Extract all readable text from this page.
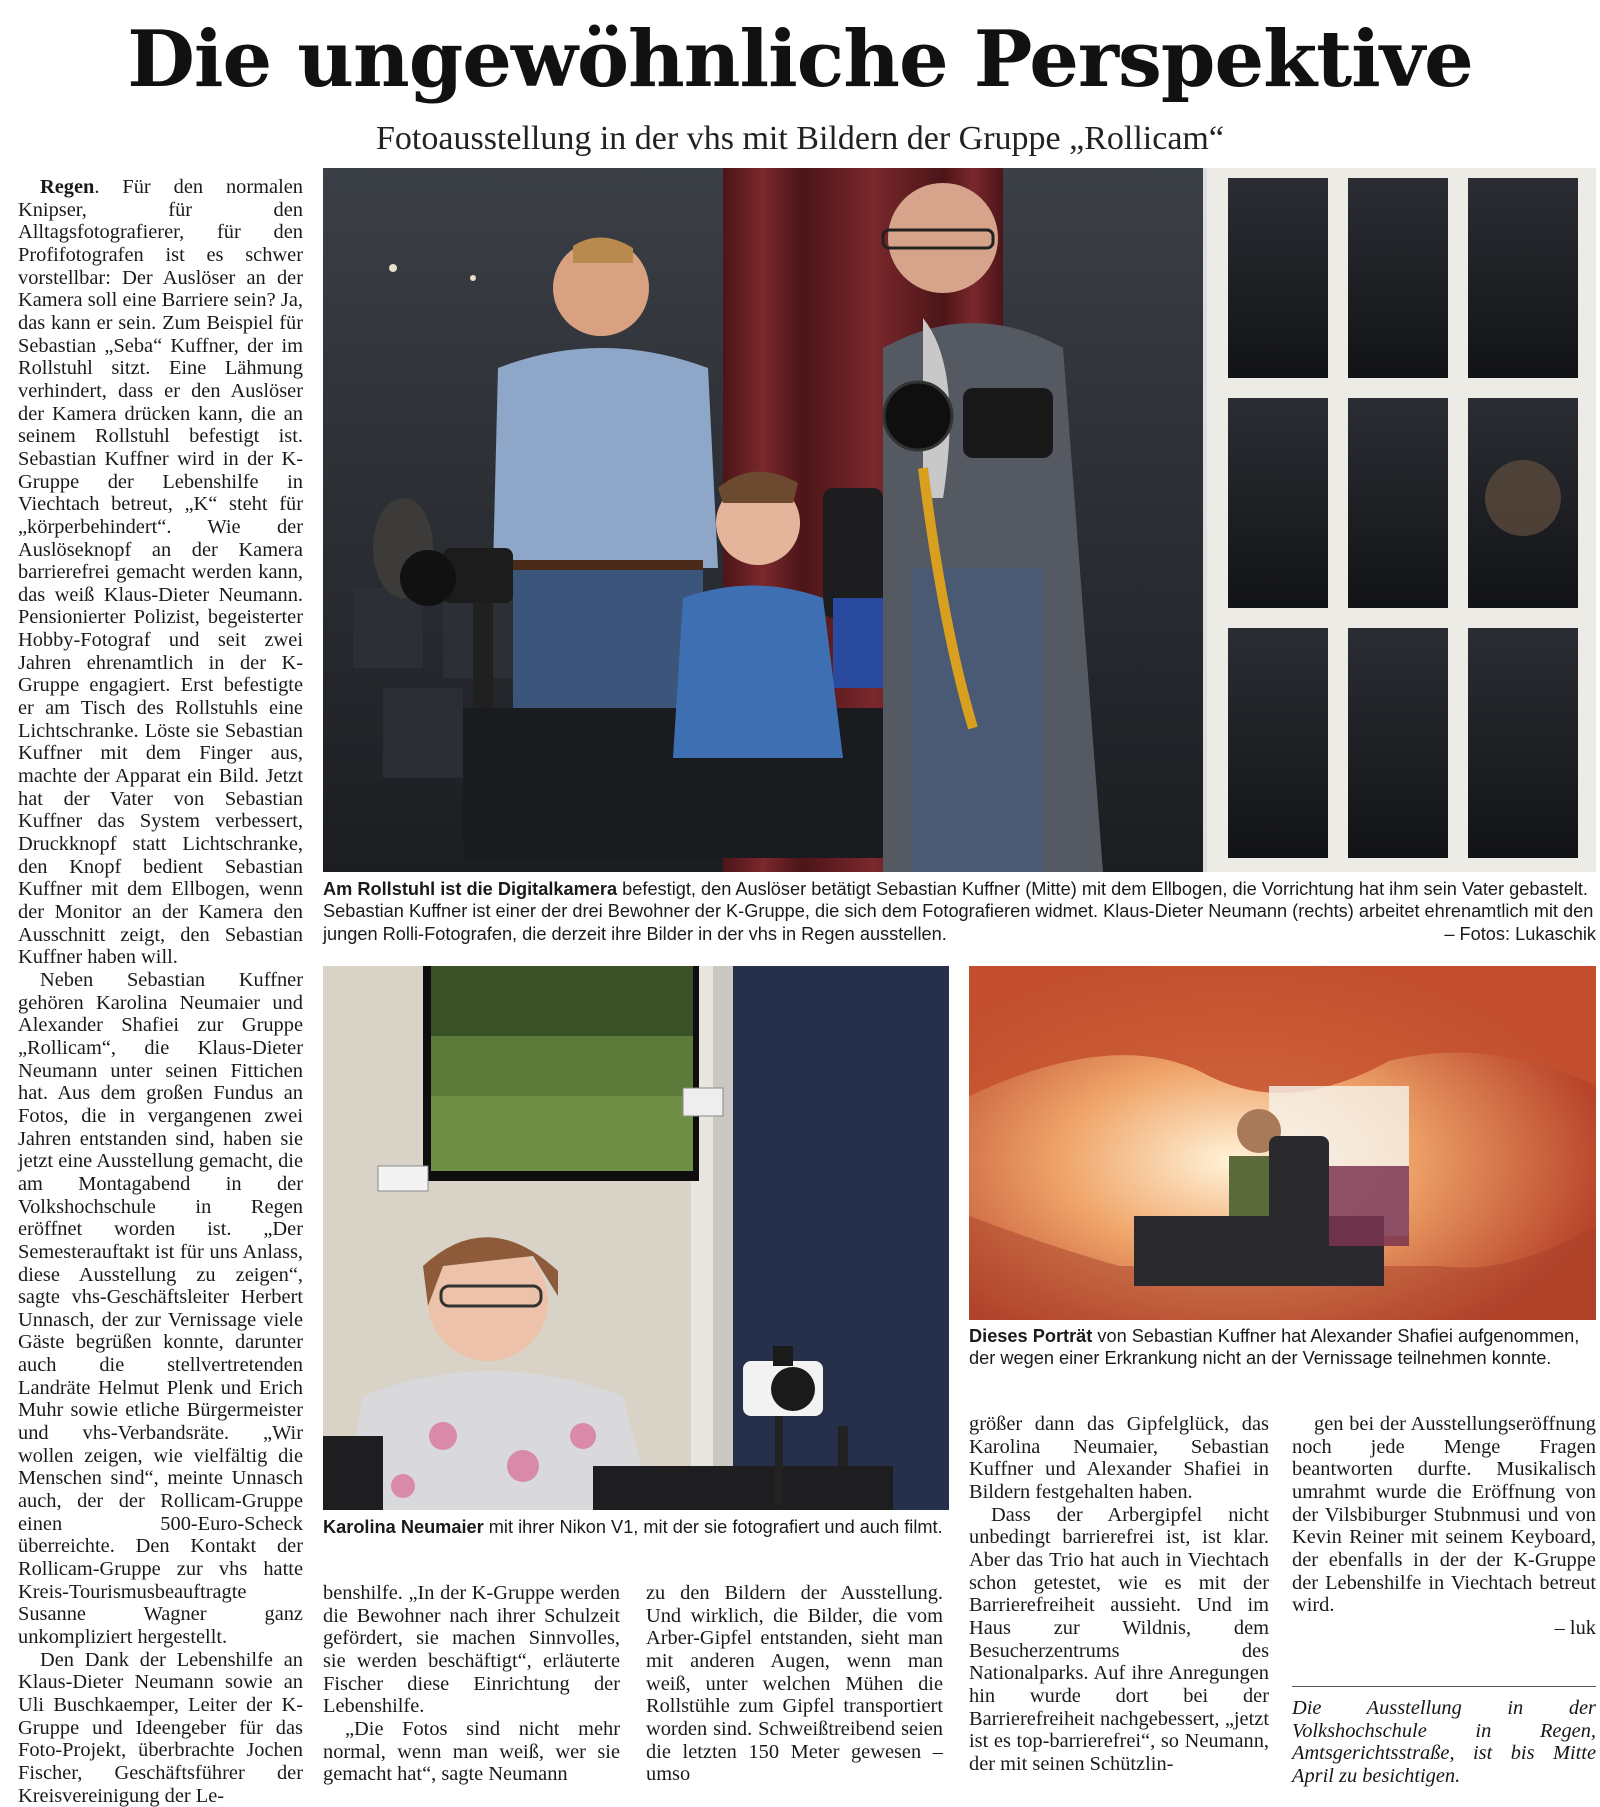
Die ungewöhnliche Perspektive
Fotoausstellung in der vhs mit Bildern der Gruppe „Rollicam“

Regen. Für den normalen Knipser, für den Alltagsfotografierer, für den Profifotografen ist es schwer vorstellbar: Der Auslöser an der Kamera soll eine Barriere sein? Ja, das kann er sein. Zum Beispiel für Sebastian „Seba“ Kuffner, der im Rollstuhl sitzt. Eine Lähmung verhindert, dass er den Auslöser der Kamera drücken kann, die an seinem Rollstuhl befestigt ist. Sebastian Kuffner wird in der K-Gruppe der Lebenshilfe in Viechtach betreut, „K“ steht für „körperbehindert“. Wie der Auslöseknopf an der Kamera barrierefrei gemacht werden kann, das weiß Klaus-Dieter Neumann. Pensionierter Polizist, begeisterter Hobby-Fotograf und seit zwei Jahren ehrenamtlich in der K-Gruppe engagiert. Erst befestigte er am Tisch des Rollstuhls eine Lichtschranke. Löste sie Sebastian Kuffner mit dem Finger aus, machte der Apparat ein Bild. Jetzt hat der Vater von Sebastian Kuffner das System verbessert, Druckknopf statt Lichtschranke, den Knopf bedient Sebastian Kuffner mit dem Ellbogen, wenn der Monitor an der Kamera den Ausschnitt zeigt, den Sebastian Kuffner haben will.

Neben Sebastian Kuffner gehören Karolina Neumaier und Alexander Shafiei zur Gruppe „Rollicam“, die Klaus-Dieter Neumann unter seinen Fittichen hat. Aus dem großen Fundus an Fotos, die in vergangenen zwei Jahren entstanden sind, haben sie jetzt eine Ausstellung gemacht, die am Montagabend in der Volkshochschule in Regen eröffnet worden ist. „Der Semesterauftakt ist für uns Anlass, diese Ausstellung zu zeigen“, sagte vhs-Geschäftsleiter Herbert Unnasch, der zur Vernissage viele Gäste begrüßen konnte, darunter auch die stellvertretenden Landräte Helmut Plenk und Erich Muhr sowie etliche Bürgermeister und vhs-Verbandsräte. „Wir wollen zeigen, wie vielfältig die Menschen sind“, meinte Unnasch auch, der der Rollicam-Gruppe einen 500-Euro-Scheck überreichte. Den Kontakt der Rollicam-Gruppe zur vhs hatte Kreis-Tourismusbeauftragte Susanne Wagner ganz unkompliziert hergestellt.

Den Dank der Lebenshilfe an Klaus-Dieter Neumann sowie an Uli Buschkaemper, Leiter der K-Gruppe und Ideengeber für das Foto-Projekt, überbrachte Jochen Fischer, Geschäftsführer der Kreisvereinigung der Le-

Am Rollstuhl ist die Digitalkamera befestigt, den Auslöser betätigt Sebastian Kuffner (Mitte) mit dem Ellbogen, die Vorrichtung hat ihm sein Vater gebastelt. Sebastian Kuffner ist einer der drei Bewohner der K-Gruppe, die sich dem Fotografieren widmet. Klaus-Dieter Neumann (rechts) arbeitet ehrenamtlich mit den jungen Rolli-Fotografen, die derzeit ihre Bilder in der vhs in Regen ausstellen.	– Fotos: Lukaschik
Karolina Neumaier mit ihrer Nikon V1, mit der sie fotografiert und auch filmt.
Dieses Porträt von Sebastian Kuffner hat Alexander Shafiei aufgenommen, der wegen einer Erkrankung nicht an der Vernissage teilnehmen konnte.

benshilfe. „In der K-Gruppe werden die Bewohner nach ihrer Schulzeit gefördert, sie machen Sinnvolles, sie werden beschäftigt“, erläuterte Fischer diese Einrichtung der Lebenshilfe.

„Die Fotos sind nicht mehr normal, wenn man weiß, wer sie gemacht hat“, sagte Neumann

zu den Bildern der Ausstellung. Und wirklich, die Bilder, die vom Arber-Gipfel entstanden, sieht man mit anderen Augen, wenn man weiß, unter welchen Mühen die Rollstühle zum Gipfel transportiert worden sind. Schweißtreibend seien die letzten 150 Meter gewesen – umso

größer dann das Gipfelglück, das Karolina Neumaier, Sebastian Kuffner und Alexander Shafiei in Bildern festgehalten haben.

Dass der Arbergipfel nicht unbedingt barrierefrei ist, ist klar. Aber das Trio hat auch in Viechtach schon getestet, wie es mit der Barrierefreiheit aussieht. Und im Haus zur Wildnis, dem Besucherzentrums des Nationalparks. Auf ihre Anregungen hin wurde dort bei der Barrierefreiheit nachgebessert, „jetzt ist es top-barrierefrei“, so Neumann, der mit seinen Schützlin-

gen bei der Ausstellungseröffnung noch jede Menge Fragen beantworten durfte. Musikalisch umrahmt wurde die Eröffnung von der Vilsbiburger Stubnmusi und von Kevin Reiner mit seinem Keyboard, der ebenfalls in der der K-Gruppe der Lebenshilfe in Viechtach betreut wird.

– luk
Die Ausstellung in der Volkshochschule in Regen, Amtsgerichtsstraße, ist bis Mitte April zu besichtigen.
